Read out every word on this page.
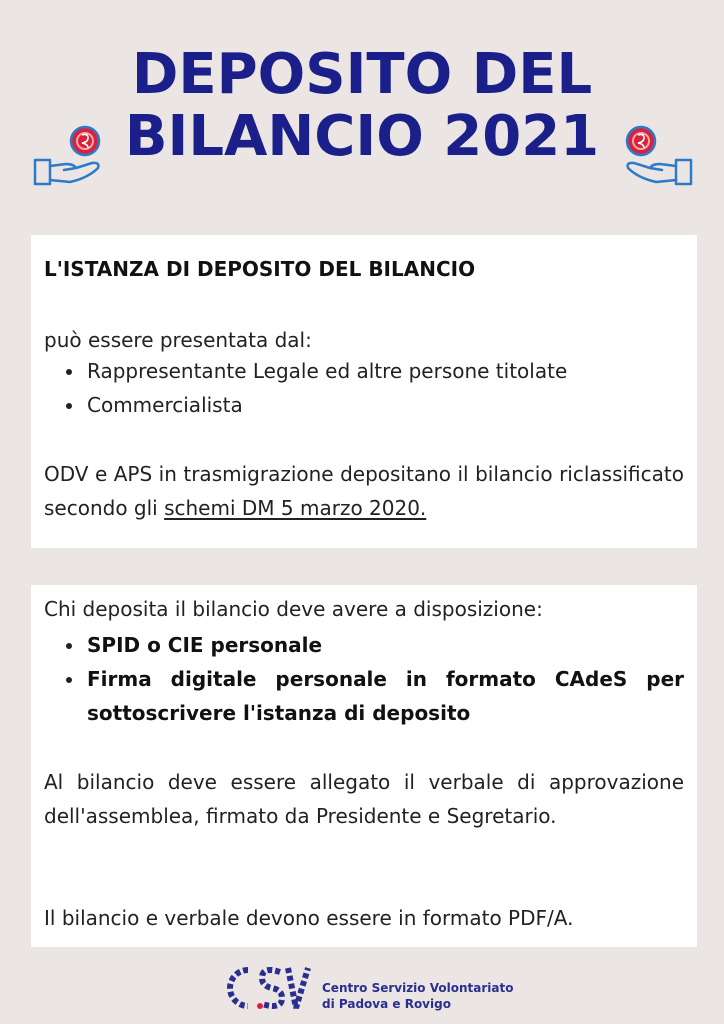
DEPOSITO DEL
BILANCIO 2021
L'ISTANZA DI DEPOSITO DEL BILANCIO
può essere presentata dal:
Rappresentante Legale ed altre persone titolate
Commercialista
ODV e APS in trasmigrazione depositano il bilancio riclassificato secondo gli schemi DM 5 marzo 2020.
Chi deposita il bilancio deve avere a disposizione:
SPID o CIE personale
Firma digitale personale in formato CAdeS per sottoscrivere l'istanza di deposito
Al bilancio deve essere allegato il verbale di approvazione dell'assemblea, firmato da Presidente e Segretario.
Il bilancio e verbale devono essere in formato PDF/A.
Centro Servizio Volontariato
di Padova e Rovigo
